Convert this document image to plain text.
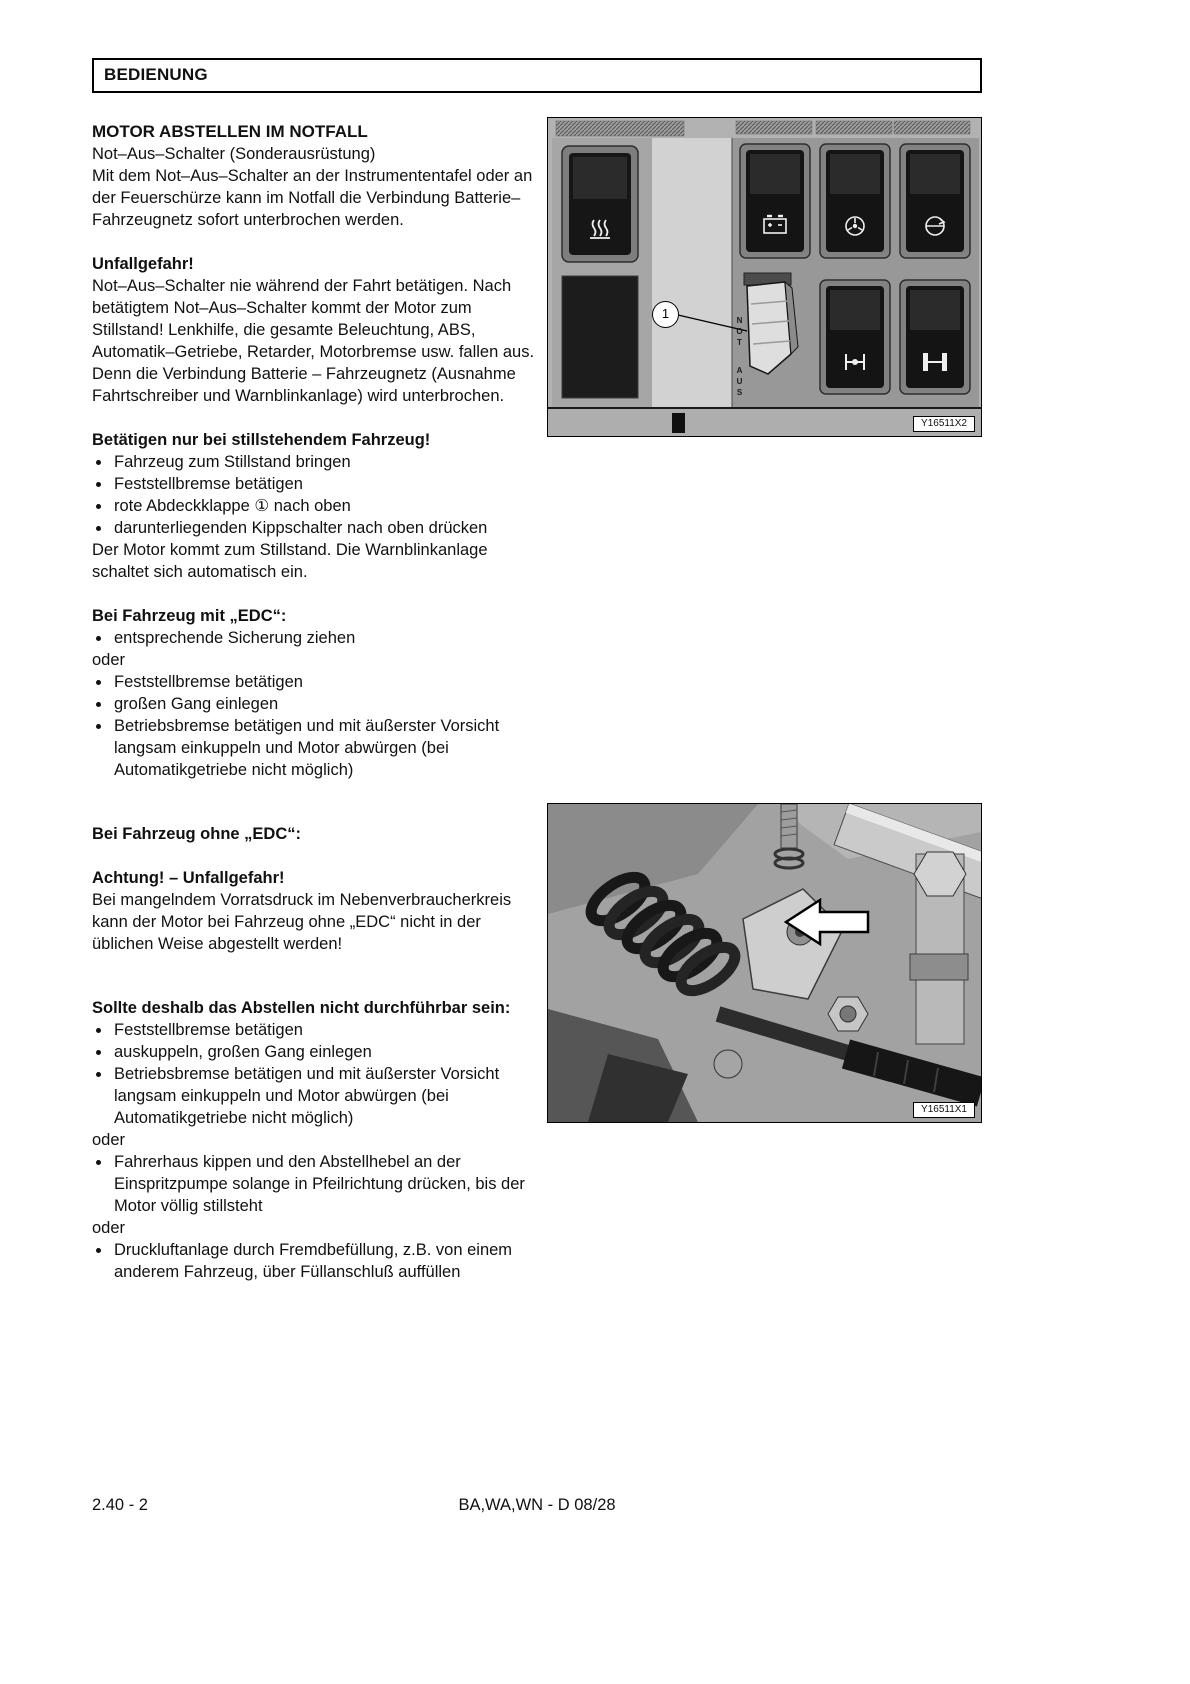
BEDIENUNG
MOTOR ABSTELLEN IM NOTFALL

Not–Aus–Schalter (Sonderausrüstung)

Mit dem Not–Aus–Schalter an der Instrumententafel oder an der Feuerschürze kann im Notfall die Verbindung Batterie–Fahrzeugnetz sofort unterbrochen werden.

Unfallgefahr!

Not–Aus–Schalter nie während der Fahrt betätigen. Nach betätigtem Not–Aus–Schalter kommt der Motor zum Stillstand! Lenkhilfe, die gesamte Beleuchtung, ABS, Automatik–Getriebe, Retarder, Motorbremse usw. fallen aus. Denn die Verbindung Batterie – Fahrzeugnetz (Ausnahme Fahrtschreiber und Warnblinkanlage) wird unterbrochen.

Betätigen nur bei stillstehendem Fahrzeug!
• Fahrzeug zum Stillstand bringen
• Feststellbremse betätigen
• rote Abdeckklappe ① nach oben
• darunterliegenden Kippschalter nach oben drücken

Der Motor kommt zum Stillstand. Die Warnblinkanlage schaltet sich automatisch ein.

Bei Fahrzeug mit „EDC“:
• entsprechende Sicherung ziehen

oder

• Feststellbremse betätigen
• großen Gang einlegen
• Betriebsbremse betätigen und mit äußerster Vorsicht langsam einkuppeln und Motor abwürgen (bei Automatikgetriebe nicht möglich)
Bei Fahrzeug ohne „EDC“:
Achtung! – Unfallgefahr!

Bei mangelndem Vorratsdruck im Nebenverbraucherkreis kann der Motor bei Fahrzeug ohne „EDC“ nicht in der üblichen Weise abgestellt werden!

Sollte deshalb das Abstellen nicht durchführbar sein:
• Feststellbremse betätigen
• auskuppeln, großen Gang einlegen
• Betriebsbremse betätigen und mit äußerster Vorsicht langsam einkuppeln und Motor abwürgen (bei Automatikgetriebe nicht möglich)

oder

• Fahrerhaus kippen und den Abstellhebel an der Einspritzpumpe solange in Pfeilrichtung drücken, bis der Motor völlig stillsteht

oder

• Druckluftanlage durch Fremdbefüllung, z.B. von einem anderem Fahrzeug, über Füllanschluß auffüllen
NOT
AUS
1
Y16511X2
Y16511X1
BA,WA,WN - D 08/28
2.40 - 2
